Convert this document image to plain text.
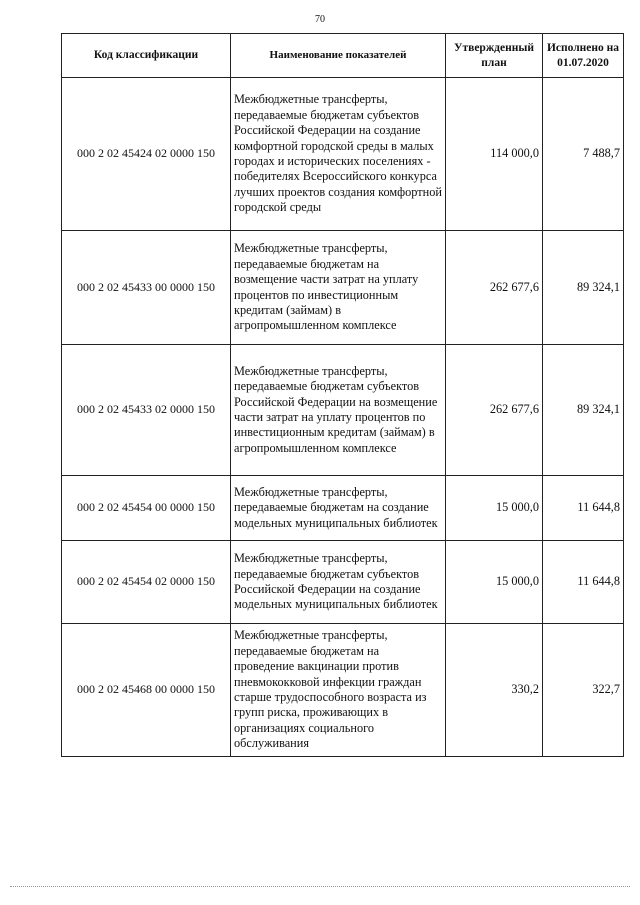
70
Код классификации	Наименование показателей	Утвержденный план	Исполнено на 01.07.2020
000 2 02 45424 02 0000 150	Межбюджетные трансферты, передаваемые бюджетам субъектов Российской Федерации на создание комфортной городской среды в малых городах и исторических поселениях - победителях Всероссийского конкурса лучших проектов создания комфортной городской среды	114 000,0	7 488,7
000 2 02 45433 00 0000 150	Межбюджетные трансферты, передаваемые бюджетам на возмещение части затрат на уплату процентов по инвестиционным кредитам (займам) в агропромышленном комплексе	262 677,6	89 324,1
000 2 02 45433 02 0000 150	Межбюджетные трансферты, передаваемые бюджетам субъектов Российской Федерации на возмещение части затрат на уплату процентов по инвестиционным кредитам (займам) в агропромышленном комплексе	262 677,6	89 324,1
000 2 02 45454 00 0000 150	Межбюджетные трансферты, передаваемые бюджетам на создание модельных муниципальных библиотек	15 000,0	11 644,8
000 2 02 45454 02 0000 150	Межбюджетные трансферты, передаваемые бюджетам субъектов Российской Федерации на создание модельных муниципальных библиотек	15 000,0	11 644,8
000 2 02 45468 00 0000 150	Межбюджетные трансферты, передаваемые бюджетам на проведение вакцинации против пневмококковой инфекции граждан старше трудоспособного возраста из групп риска, проживающих в организациях социального обслуживания	330,2	322,7
